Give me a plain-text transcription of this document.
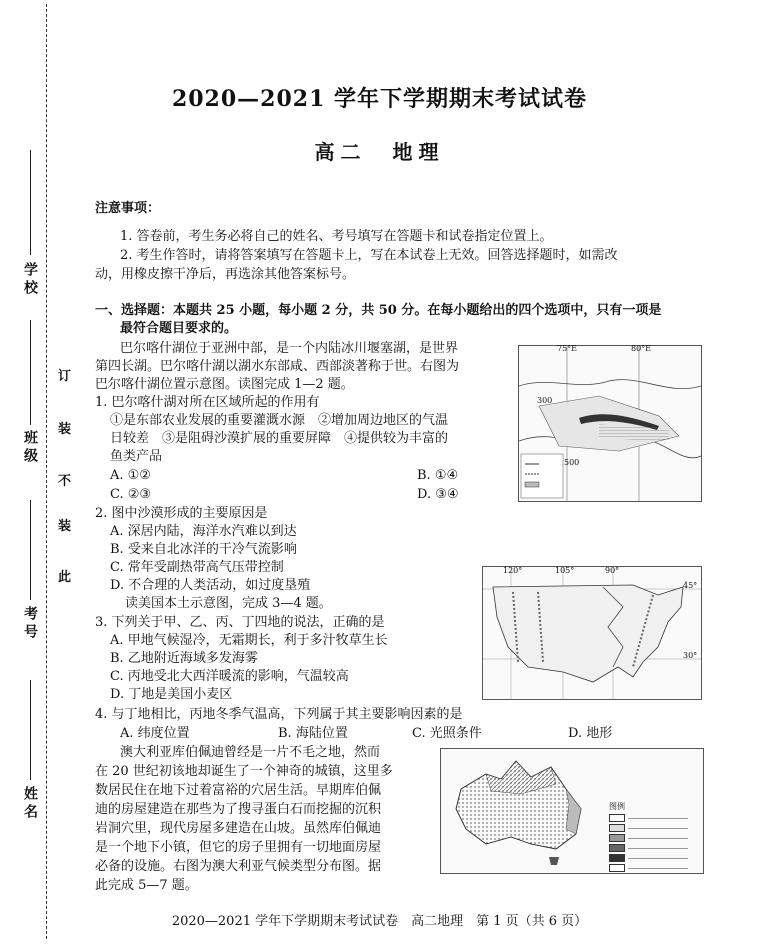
学校
班级
考号
姓名
订
装
不
装
此
2020—2021 学年下学期期末考试试卷
高二　地理
注意事项：
1. 答卷前，考生务必将自己的姓名、考号填写在答题卡和试卷指定位置上。
2. 考生作答时，请将答案填写在答题卡上，写在本试卷上无效。回答选择题时，如需改
动，用橡皮擦干净后，再选涂其他答案标号。
一、选择题：本题共 25 小题，每小题 2 分，共 50 分。在每小题给出的四个选项中，只有一项是
最符合题目要求的。
巴尔喀什湖位于亚洲中部，是一个内陆冰川堰塞湖，是世界
第四长湖。巴尔喀什湖以湖水东部咸、西部淡著称于世。右图为
巴尔喀什湖位置示意图。读图完成 1—2 题。
1. 巴尔喀什湖对所在区域所起的作用有
①是东部农业发展的重要灌溉水源　②增加周边地区的气温
日较差　③是阻碍沙漠扩展的重要屏障　④提供较为丰富的
鱼类产品
A. ①②	B. ①④
C. ②③	D. ③④
75°E	80°E
300
500
2. 图中沙漠形成的主要原因是
A. 深居内陆，海洋水汽难以到达
B. 受来自北冰洋的干冷气流影响
C. 常年受副热带高气压带控制
D. 不合理的人类活动，如过度垦殖
读美国本土示意图，完成 3—4 题。
120°	105°	90°
45°
30°
3. 下列关于甲、乙、丙、丁四地的说法，正确的是
A. 甲地气候湿冷，无霜期长，利于多汁牧草生长
B. 乙地附近海域多发海雾
C. 丙地受北大西洋暖流的影响，气温较高
D. 丁地是美国小麦区
4. 与丁地相比，丙地冬季气温高，下列属于其主要影响因素的是
A. 纬度位置	B. 海陆位置	C. 光照条件	D. 地形
澳大利亚库伯佩迪曾经是一片不毛之地，然而
在 20 世纪初该地却诞生了一个神奇的城镇，这里多
数居民住在地下过着富裕的穴居生活。早期库伯佩
迪的房屋建造在那些为了搜寻蛋白石而挖掘的沉积
岩洞穴里，现代房屋多建造在山坡。虽然库伯佩迪
是一个地下小镇，但它的房子里拥有一切地面房屋
必备的设施。右图为澳大利亚气候类型分布图。据
此完成 5—7 题。
图例
2020—2021 学年下学期期末考试试卷　高二地理　第 1 页（共 6 页）
